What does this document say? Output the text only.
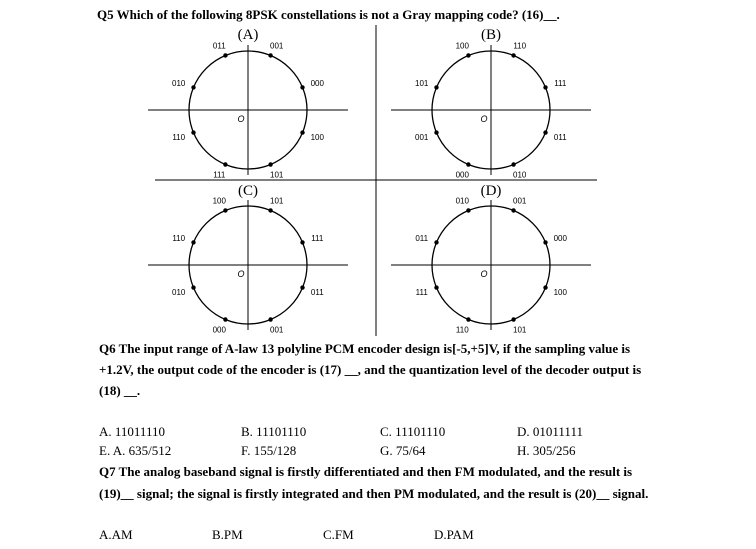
Q5 Which of the following 8PSK constellations is not a Gray mapping code? (16)__.
(A)
O
011	001
010	000
110	100
111	101
(B)
O
100	110
101	111
001	011
000	010
(C)
O
100	101
110	111
010	011
000	001
(D)
O
010	001
011	000
111	100
110	101
Q6 The input range of A-law 13 polyline PCM encoder design is[-5,+5]V, if the sampling value is
+1.2V, the output code of the encoder is (17) __, and the quantization level of the decoder output is
(18) __.
A. 11011110	B. 11101110	C. 11101110	D. 01011111
E. A. 635/512	F. 155/128	G. 75/64	H. 305/256
Q7 The analog baseband signal is firstly differentiated and then FM modulated, and the result is
(19)__ signal; the signal is firstly integrated and then PM modulated, and the result is (20)__ signal.
A.AM	B.PM	C.FM	D.PAM
